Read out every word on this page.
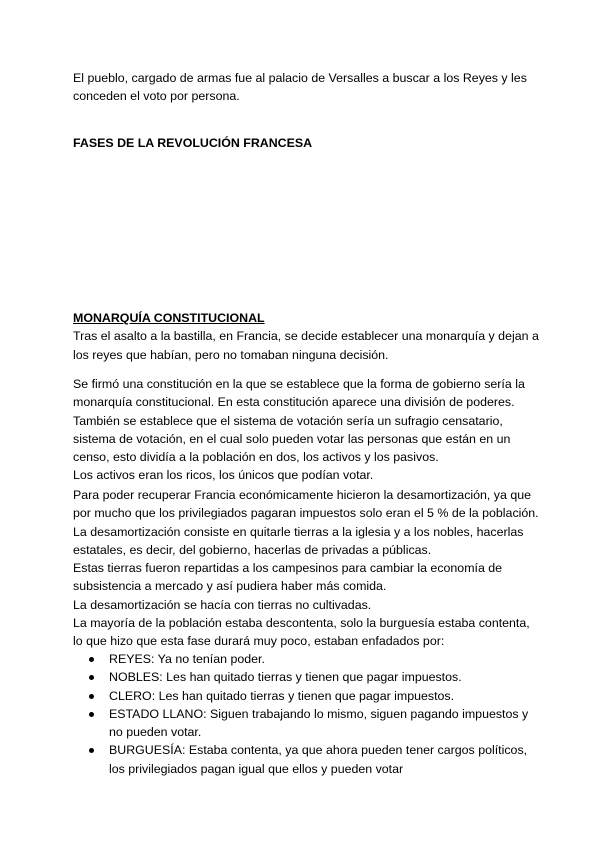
El pueblo, cargado de armas fue al palacio de Versalles a buscar a los Reyes y les
conceden el voto por persona.
FASES DE LA REVOLUCIÓN FRANCESA
MONARQUÍA CONSTITUCIONAL
Tras el asalto a la bastilla, en Francia, se decide establecer una monarquía y dejan a
los reyes que habían, pero no tomaban ninguna decisión.
Se firmó una constitución en la que se establece que la forma de gobierno sería la
monarquía constitucional. En esta constitución aparece una división de poderes.
También se establece que el sistema de votación sería un sufragio censatario,
sistema de votación, en el cual solo pueden votar las personas que están en un
censo, esto dividía a la población en dos, los activos y los pasivos.
Los activos eran los ricos, los únicos que podían votar.
Para poder recuperar Francia económicamente hicieron la desamortización, ya que
por mucho que los privilegiados pagaran impuestos solo eran el 5 % de la población.
La desamortización consiste en quitarle tierras a la iglesia y a los nobles, hacerlas
estatales, es decir, del gobierno, hacerlas de privadas a públicas.
Estas tierras fueron repartidas a los campesinos para cambiar la economía de
subsistencia a mercado y así pudiera haber más comida.
La desamortización se hacía con tierras no cultivadas.
La mayoría de la población estaba descontenta, solo la burguesía estaba contenta,
lo que hizo que esta fase durará muy poco, estaban enfadados por:
REYES: Ya no tenían poder.
NOBLES: Les han quitado tierras y tienen que pagar impuestos.
CLERO: Les han quitado tierras y tienen que pagar impuestos.
ESTADO LLANO: Siguen trabajando lo mismo, siguen pagando impuestos y
no pueden votar.
BURGUESÍA: Estaba contenta, ya que ahora pueden tener cargos políticos,
los privilegiados pagan igual que ellos y pueden votar
